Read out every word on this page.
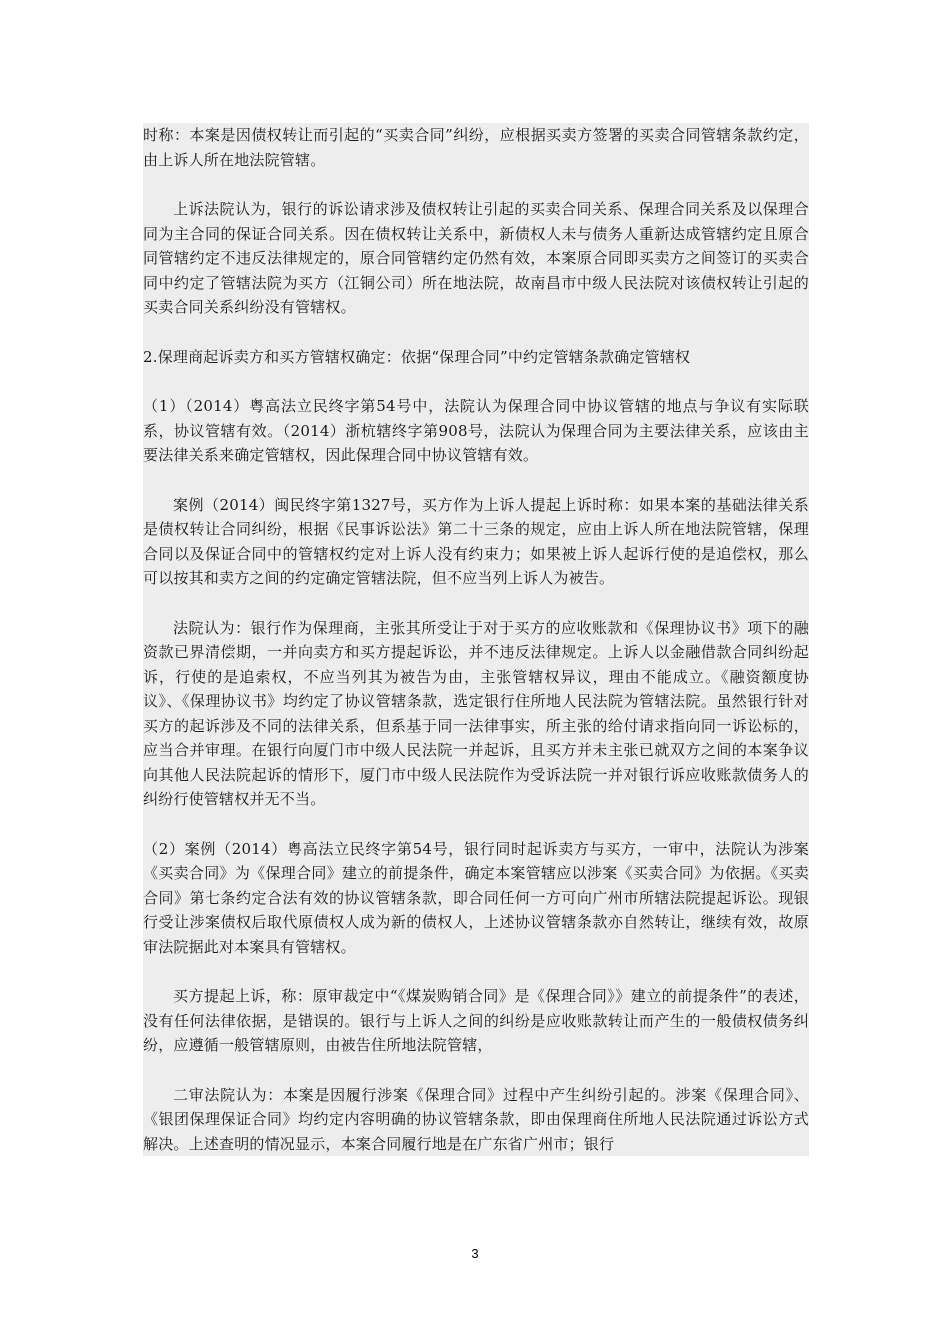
时称：本案是因债权转让而引起的“买卖合同”纠纷，应根据买卖方签署的买卖合同管辖条款约定，由上诉人所在地法院管辖。

上诉法院认为，银行的诉讼请求涉及债权转让引起的买卖合同关系、保理合同关系及以保理合同为主合同的保证合同关系。因在债权转让关系中，新债权人未与债务人重新达成管辖约定且原合同管辖约定不违反法律规定的，原合同管辖约定仍然有效，本案原合同即买卖方之间签订的买卖合同中约定了管辖法院为买方（江铜公司）所在地法院，故南昌市中级人民法院对该债权转让引起的买卖合同关系纠纷没有管辖权。

2.保理商起诉卖方和买方管辖权确定：依据“保理合同”中约定管辖条款确定管辖权

（1）（2014）粤高法立民终字第54号中，法院认为保理合同中协议管辖的地点与争议有实际联系，协议管辖有效。（2014）浙杭辖终字第908号，法院认为保理合同为主要法律关系，应该由主要法律关系来确定管辖权，因此保理合同中协议管辖有效。

案例（2014）闽民终字第1327号，买方作为上诉人提起上诉时称：如果本案的基础法律关系是债权转让合同纠纷，根据《民事诉讼法》第二十三条的规定，应由上诉人所在地法院管辖，保理合同以及保证合同中的管辖权约定对上诉人没有约束力；如果被上诉人起诉行使的是追偿权，那么可以按其和卖方之间的约定确定管辖法院，但不应当列上诉人为被告。

法院认为：银行作为保理商，主张其所受让于对于买方的应收账款和《保理协议书》项下的融资款已界清偿期，一并向卖方和买方提起诉讼，并不违反法律规定。上诉人以金融借款合同纠纷起诉，行使的是追索权，不应当列其为被告为由，主张管辖权异议，理由不能成立。《融资额度协议》、《保理协议书》均约定了协议管辖条款，选定银行住所地人民法院为管辖法院。虽然银行针对买方的起诉涉及不同的法律关系，但系基于同一法律事实，所主张的给付请求指向同一诉讼标的，应当合并审理。在银行向厦门市中级人民法院一并起诉，且买方并未主张已就双方之间的本案争议向其他人民法院起诉的情形下，厦门市中级人民法院作为受诉法院一并对银行诉应收账款债务人的纠纷行使管辖权并无不当。

（2）案例（2014）粤高法立民终字第54号，银行同时起诉卖方与买方，一审中，法院认为涉案《买卖合同》为《保理合同》建立的前提条件，确定本案管辖应以涉案《买卖合同》为依据。《买卖合同》第七条约定合法有效的协议管辖条款，即合同任何一方可向广州市所辖法院提起诉讼。现银行受让涉案债权后取代原债权人成为新的债权人，上述协议管辖条款亦自然转让，继续有效，故原审法院据此对本案具有管辖权。

买方提起上诉，称：原审裁定中“《煤炭购销合同》是《保理合同》》建立的前提条件”的表述，没有任何法律依据，是错误的。银行与上诉人之间的纠纷是应收账款转让而产生的一般债权债务纠纷，应遵循一般管辖原则，由被告住所地法院管辖，

二审法院认为：本案是因履行涉案《保理合同》过程中产生纠纷引起的。涉案《保理合同》、《银团保理保证合同》均约定内容明确的协议管辖条款，即由保理商住所地人民法院通过诉讼方式解决。上述查明的情况显示，本案合同履行地是在广东省广州市；银行

3
